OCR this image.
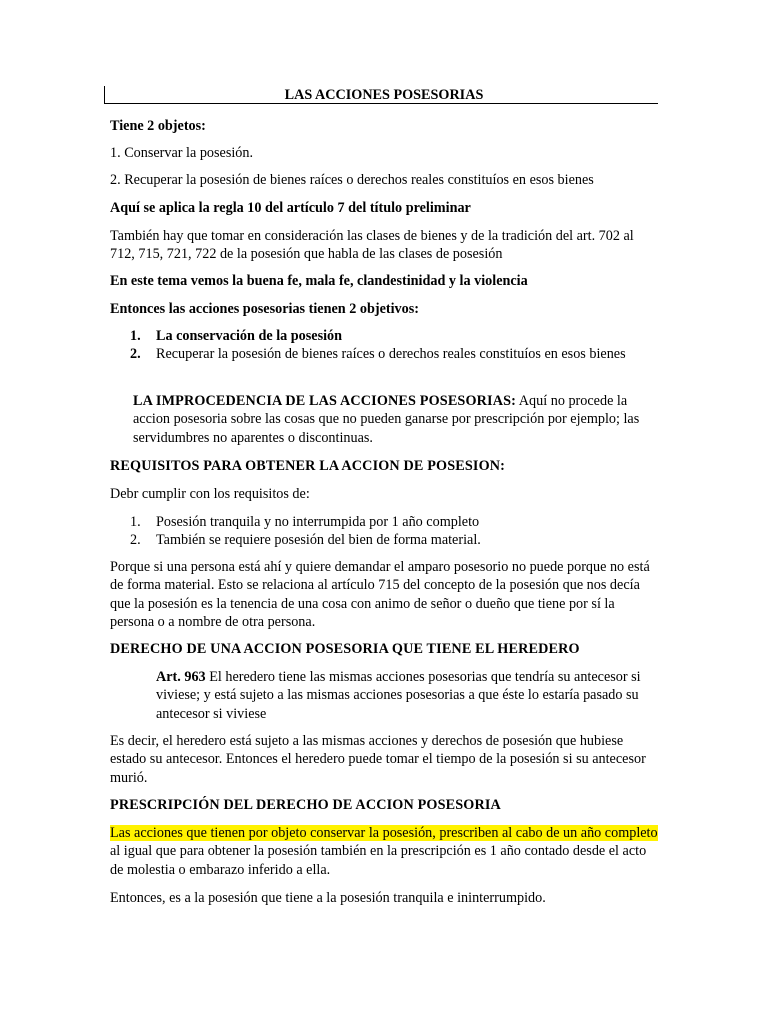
LAS ACCIONES POSESORIAS

Tiene 2 objetos:

1. Conservar la posesión.

2. Recuperar la posesión de bienes raíces o derechos reales constituíos en esos bienes

Aquí se aplica la regla 10 del artículo 7 del título preliminar

También hay que tomar en consideración las clases de bienes y de la tradición del art. 702 al 712, 715, 721, 722 de la posesión que habla de las clases de posesión

En este tema vemos la buena fe, mala fe, clandestinidad y la violencia

Entonces las acciones posesorias tienen 2 objetivos:

1. La conservación de la posesión
2. Recuperar la posesión de bienes raíces o derechos reales constituíos en esos bienes

LA IMPROCEDENCIA DE LAS ACCIONES POSESORIAS: Aquí no procede la accion posesoria sobre las cosas que no pueden ganarse por prescripción por ejemplo; las servidumbres no aparentes o discontinuas.

REQUISITOS PARA OBTENER LA ACCION DE POSESION:

Debr cumplir con los requisitos de:

1. Posesión tranquila y no interrumpida por 1 año completo
2. También se requiere posesión del bien de forma material.

Porque si una persona está ahí y quiere demandar el amparo posesorio no puede porque no está de forma material. Esto se relaciona al artículo 715 del concepto de la posesión que nos decía que la posesión es la tenencia de una cosa con animo de señor o dueño que tiene por sí la persona o a nombre de otra persona.

DERECHO DE UNA ACCION POSESORIA QUE TIENE EL HEREDERO

Art. 963 El heredero tiene las mismas acciones posesorias que tendría su antecesor si viviese; y está sujeto a las mismas acciones posesorias a que éste lo estaría pasado su antecesor si viviese

Es decir, el heredero está sujeto a las mismas acciones y derechos de posesión que hubiese estado su antecesor. Entonces el heredero puede tomar el tiempo de la posesión si su antecesor murió.

PRESCRIPCIÓN DEL DERECHO DE ACCION POSESORIA

Las acciones que tienen por objeto conservar la posesión, prescriben al cabo de un año completo al igual que para obtener la posesión también en la prescripción es 1 año contado desde el acto de molestia o embarazo inferido a ella.

Entonces, es a la posesión que tiene a la posesión tranquila e ininterrumpido.
